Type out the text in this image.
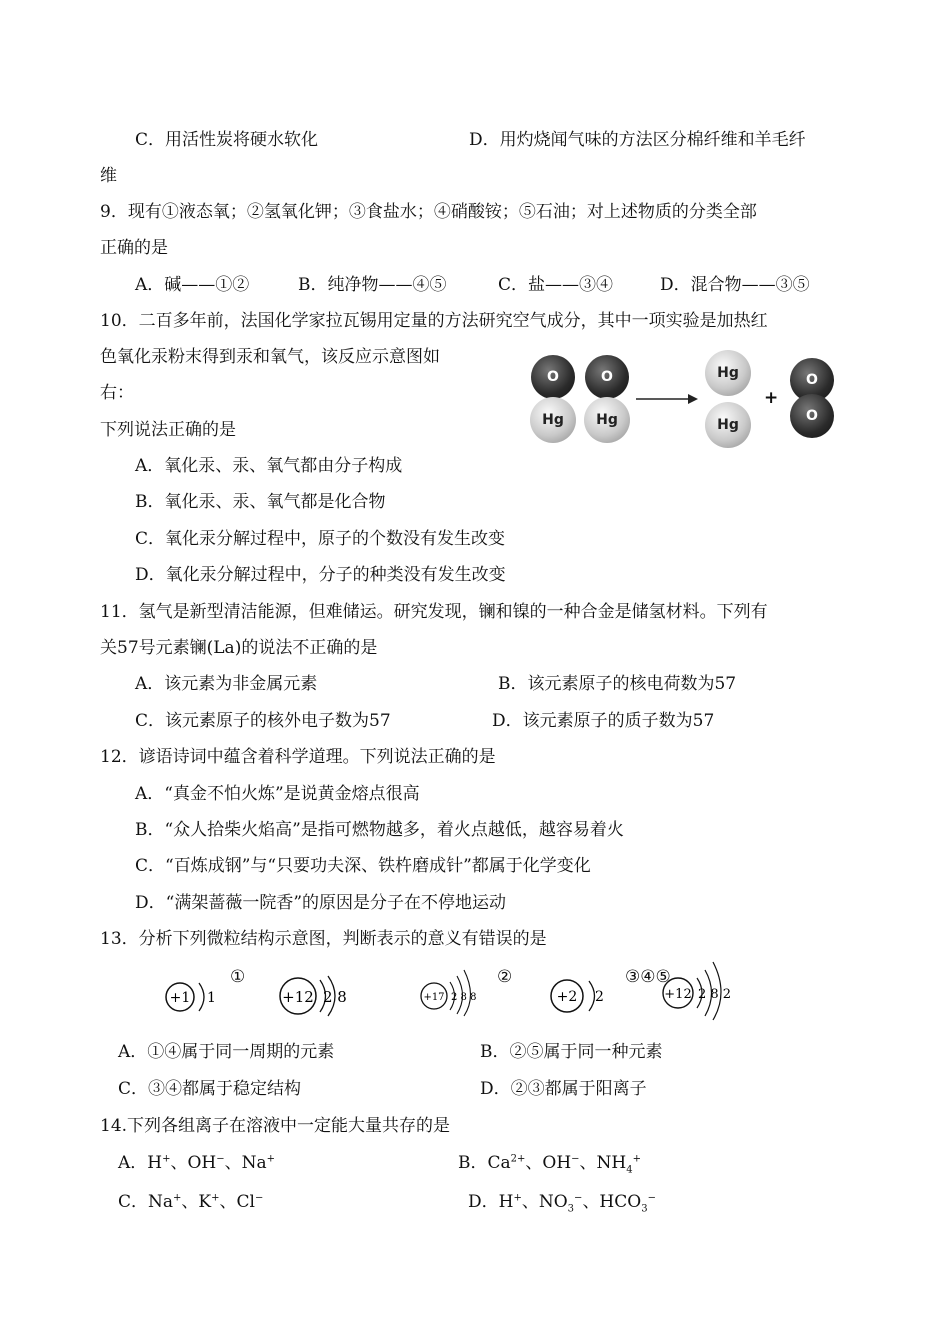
C．用活性炭将硬水软化	D．用灼烧闻气味的方法区分棉纤维和羊毛纤
维
9．现有①液态氧；②氢氧化钾；③食盐水；④硝酸铵；⑤石油；对上述物质的分类全部
正确的是
A．碱——①②	B．纯净物——④⑤	C．盐——③④	D．混合物——③⑤
10．二百多年前，法国化学家拉瓦锡用定量的方法研究空气成分，其中一项实验是加热红
色氧化汞粉末得到汞和氧气，该反应示意图如
右：
下列说法正确的是
O
Hg
O
Hg
Hg
Hg
+
O
O
A．氧化汞、汞、氧气都由分子构成
B．氧化汞、汞、氧气都是化合物
C．氧化汞分解过程中，原子的个数没有发生改变
D．氧化汞分解过程中，分子的种类没有发生改变
11．氢气是新型清洁能源，但难储运。研究发现，镧和镍的一种合金是储氢材料。下列有
关57号元素镧(La)的说法不正确的是
A．该元素为非金属元素	B．该元素原子的核电荷数为57
C．该元素原子的核外电子数为57	D．该元素原子的质子数为57
12．谚语诗词中蕴含着科学道理。下列说法正确的是
A．“真金不怕火炼”是说黄金熔点很高
B．“众人拾柴火焰高”是指可燃物越多，着火点越低，越容易着火
C．“百炼成钢”与“只要功夫深、铁杵磨成针”都属于化学变化
D．“满架蔷薇一院香”的原因是分子在不停地运动
13．分析下列微粒结构示意图，判断表示的意义有错误的是
①	②	③④⑤
+1 1	+12 2 8	+17 2 8 8	+2 2	+12 2 8 2
A．①④属于同一周期的元素	B．②⑤属于同一种元素
C．③④都属于稳定结构	D．②③都属于阳离子
14.下列各组离子在溶液中一定能大量共存的是
A．H+、OH−、Na+	B．$Ca^{2+}$、OH−、$NH_4^+$
C．Na+、K+、Cl−	D．H+、$NO_3^-$、$HCO_3^-$
